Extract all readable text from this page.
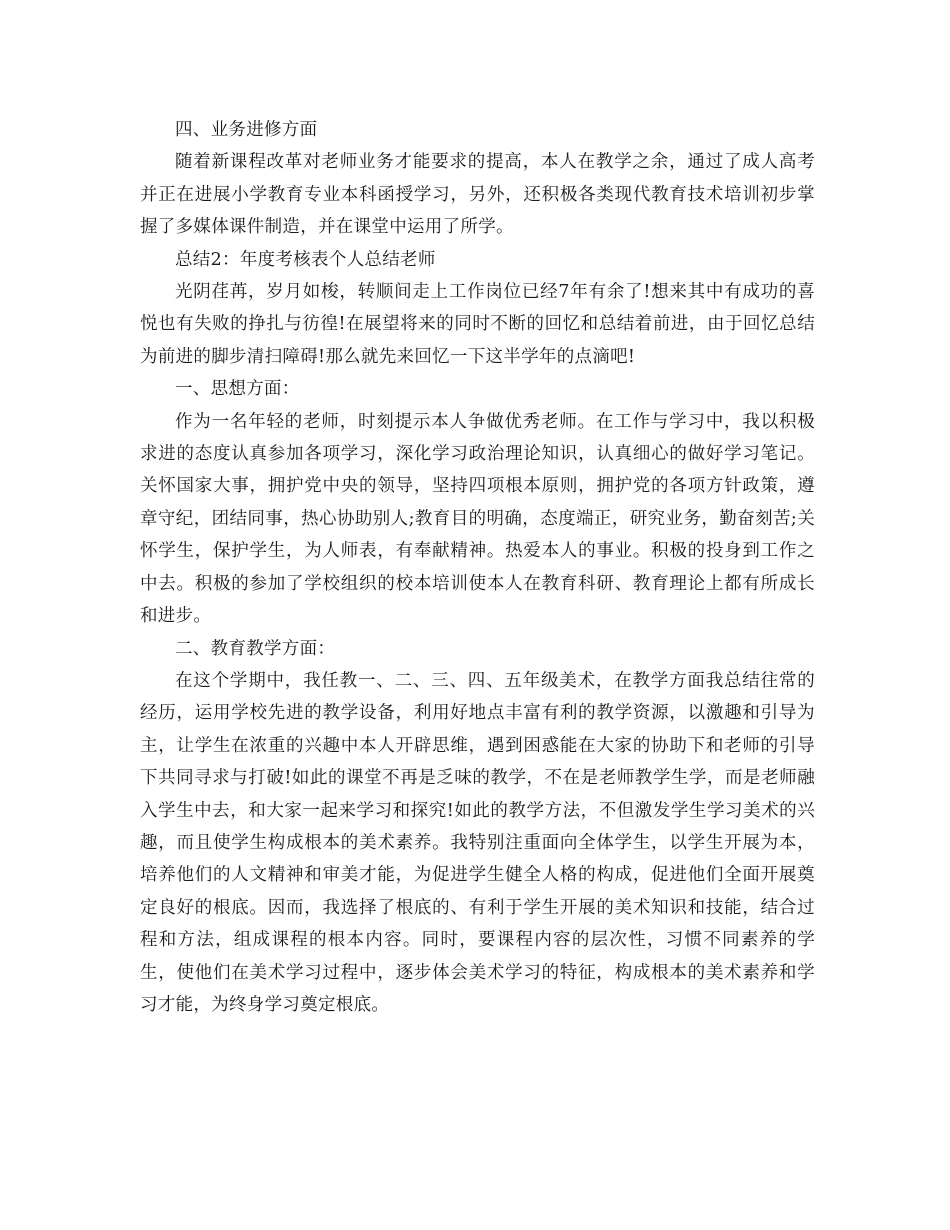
四、业务进修方面

随着新课程改革对老师业务才能要求的提高，本人在教学之余，通过了成人高考并正在进展小学教育专业本科函授学习，另外，还积极各类现代教育技术培训初步掌握了多媒体课件制造，并在课堂中运用了所学。

总结2：年度考核表个人总结老师

光阴荏苒，岁月如梭，转顺间走上工作岗位已经7年有余了!想来其中有成功的喜悦也有失败的挣扎与彷徨!在展望将来的同时不断的回忆和总结着前进，由于回忆总结为前进的脚步清扫障碍!那么就先来回忆一下这半学年的点滴吧!

一、思想方面：

作为一名年轻的老师，时刻提示本人争做优秀老师。在工作与学习中，我以积极求进的态度认真参加各项学习，深化学习政治理论知识，认真细心的做好学习笔记。关怀国家大事，拥护党中央的领导，坚持四项根本原则，拥护党的各项方针政策，遵章守纪，团结同事，热心协助别人;教育目的明确，态度端正，研究业务，勤奋刻苦;关怀学生，保护学生，为人师表，有奉献精神。热爱本人的事业。积极的投身到工作之中去。积极的参加了学校组织的校本培训使本人在教育科研、教育理论上都有所成长和进步。

二、教育教学方面：

在这个学期中，我任教一、二、三、四、五年级美术，在教学方面我总结往常的经历，运用学校先进的教学设备，利用好地点丰富有利的教学资源，以激趣和引导为主，让学生在浓重的兴趣中本人开辟思维，遇到困惑能在大家的协助下和老师的引导下共同寻求与打破!如此的课堂不再是乏味的教学，不在是老师教学生学，而是老师融入学生中去，和大家一起来学习和探究!如此的教学方法，不但激发学生学习美术的兴趣，而且使学生构成根本的美术素养。我特别注重面向全体学生，以学生开展为本，培养他们的人文精神和审美才能，为促进学生健全人格的构成，促进他们全面开展奠定良好的根底。因而，我选择了根底的、有利于学生开展的美术知识和技能，结合过程和方法，组成课程的根本内容。同时，要课程内容的层次性，习惯不同素养的学生，使他们在美术学习过程中，逐步体会美术学习的特征，构成根本的美术素养和学习才能，为终身学习奠定根底。
